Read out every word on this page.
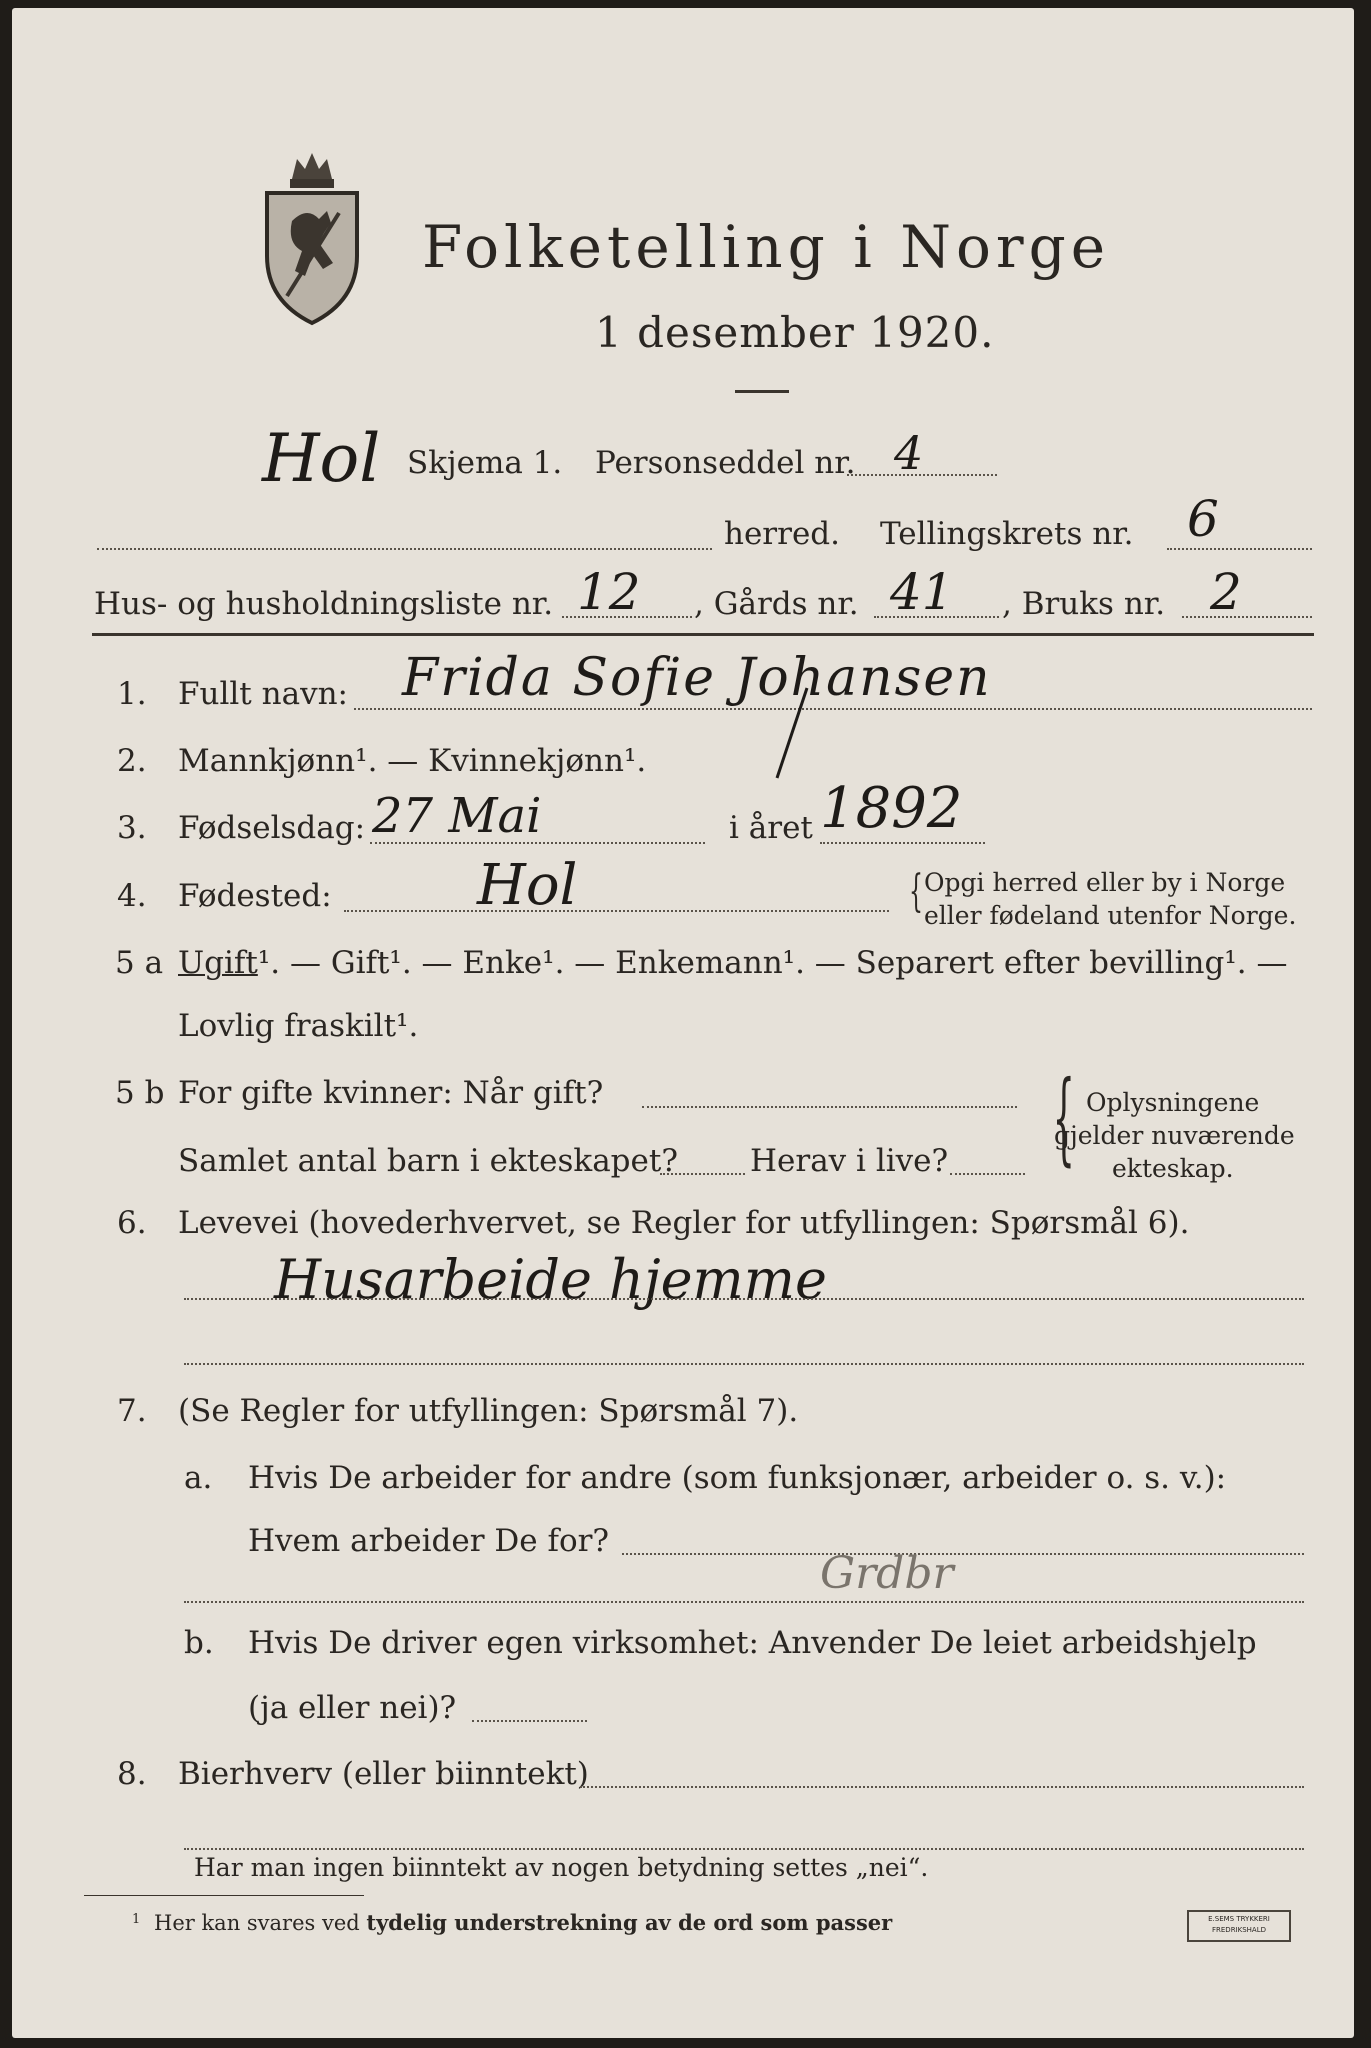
Folketelling i Norge
1 desember 1920.
Hol Skjema 1. Personseddel nr. 4
herred. Tellingskrets nr. 6
Hus- og husholdningsliste nr. 12 , Gårds nr. 41 , Bruks nr. 2
1. Fullt navn: Frida Sofie Johansen
2. Mannkjønn¹. — Kvinnekjønn¹.
3. Fødselsdag: 27 Mai	i året 1892
4. Fødested:	Hol	{ Opgi herred eller by i Norge
eller fødeland utenfor Norge.
5 a Ugift¹. — Gift¹. — Enke¹. — Enkemann¹. — Separert efter bevilling¹. —
Lovlig fraskilt¹.
5 b For gifte kvinner: Når gift?
Samlet antal barn i ekteskapet? Herav i live? { Oplysningene
gjelder nuværende
ekteskap.
6. Levevei (hovederhvervet, se Regler for utfyllingen: Spørsmål 6).
Husarbeide hjemme
7. (Se Regler for utfyllingen: Spørsmål 7).
a. Hvis De arbeider for andre (som funksjonær, arbeider o. s. v.):
Hvem arbeider De for?
Grdbr
b. Hvis De driver egen virksomhet: Anvender De leiet arbeidshjelp
(ja eller nei)?
8. Bierhverv (eller biinntekt)
Har man ingen biinntekt av nogen betydning settes „nei“.
1 Her kan svares ved tydelig understrekning av de ord som passer	E.SEMS TRYKKERI
FREDRIKSHALD
